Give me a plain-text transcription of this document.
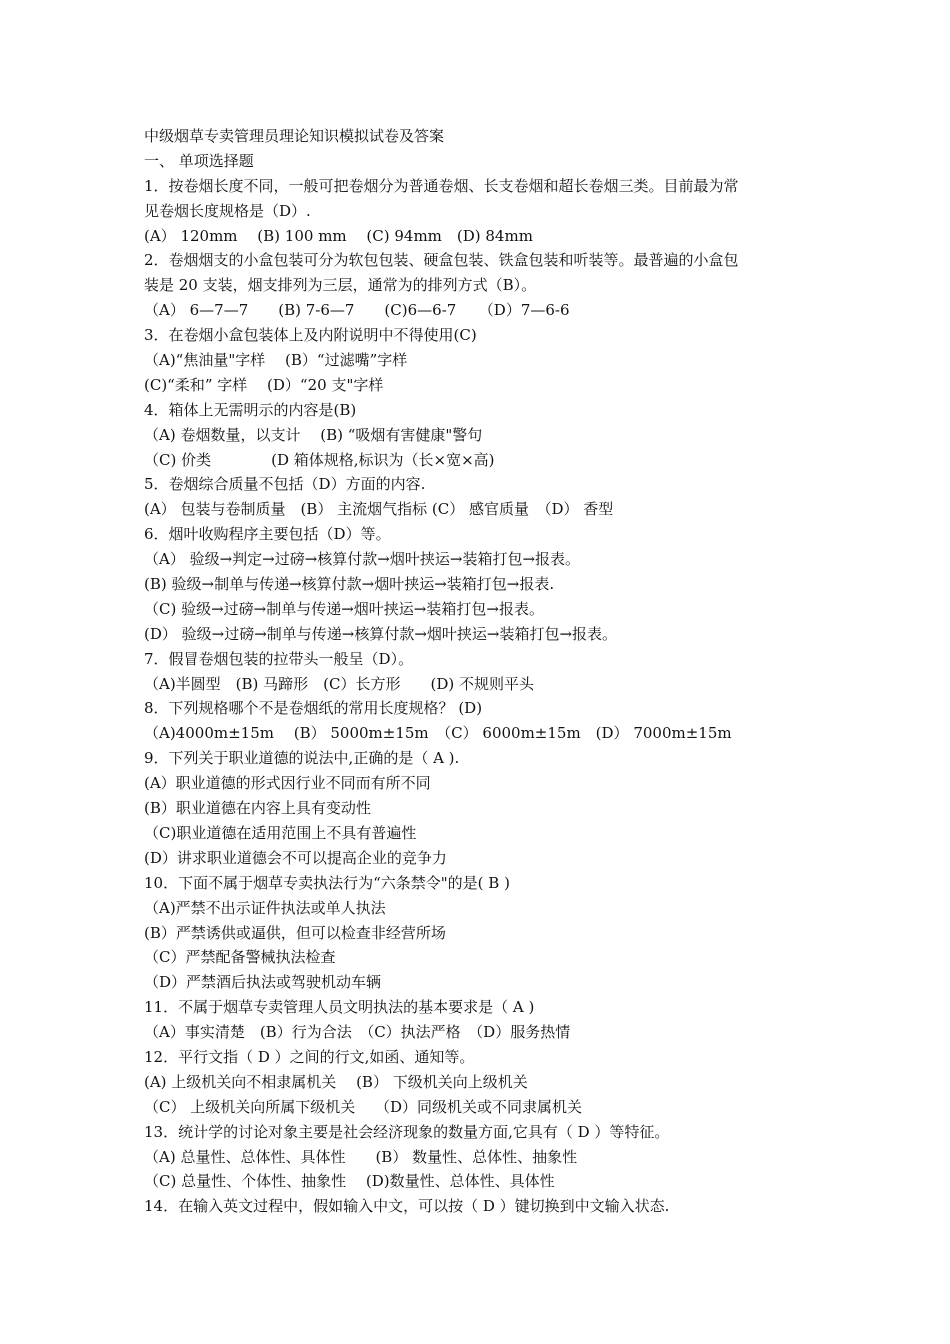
中级烟草专卖管理员理论知识模拟试卷及答案
一、 单项选择题
1．按卷烟长度不同，一般可把卷烟分为普通卷烟、长支卷烟和超长卷烟三类。目前最为常
见卷烟长度规格是（D）.
(A） 120mm　 (B) 100 mm　 (C) 94mm　(D) 84mm
2．卷烟烟支的小盒包装可分为软包包装、硬盒包装、铁盒包装和听装等。最普遍的小盒包
装是 20 支装，烟支排列为三层，通常为的排列方式（B）。
（A） 6—7—7　　(B) 7-6—7　　(C)6—6-7　　（D）7—6-6
3．在卷烟小盒包装体上及内附说明中不得使用(C)
（A)“焦油量"字样　 (B）“过滤嘴”字样
(C)“柔和” 字样　 (D）“20 支"字样
4．箱体上无需明示的内容是(B)
（A) 卷烟数量，以支计　 (B) “吸烟有害健康"警句
（C) 价类　　　　(D 箱体规格,标识为（长×宽×高)
5．卷烟综合质量不包括（D）方面的内容.
(A） 包装与卷制质量　(B） 主流烟气指标 (C） 感官质量　（D） 香型
6．烟叶收购程序主要包括（D）等。
（A） 验级→判定→过磅→核算付款→烟叶挟运→装箱打包→报表。
(B) 验级→制单与传递→核算付款→烟叶挟运→装箱打包→报表.
（C) 验级→过磅→制单与传递→烟叶挟运→装箱打包→报表。
(D） 验级→过磅→制单与传递→核算付款→烟叶挟运→装箱打包→报表。
7．假冒卷烟包装的拉带头一般呈（D）。
（A)半圆型　(B) 马蹄形　(C）长方形　　(D) 不规则平头
8．下列规格哪个不是卷烟纸的常用长度规格？ (D)
（A)4000m±15m　 (B） 5000m±15m　（C） 6000m±15m　(D） 7000m±15m
9．下列关于职业道德的说法中,正确的是（ A ).
(A）职业道德的形式因行业不同而有所不同
(B）职业道德在内容上具有变动性
（C)职业道德在适用范围上不具有普遍性
(D）讲求职业道德会不可以提高企业的竞争力
10．下面不属于烟草专卖执法行为“六条禁令"的是( B )
（A)严禁不出示证件执法或单人执法
(B）严禁诱供或逼供，但可以检查非经营所场
（C）严禁配备警械执法检查
（D）严禁酒后执法或驾驶机动车辆
11．不属于烟草专卖管理人员文明执法的基本要求是（ A )
（A）事实清楚　(B）行为合法　（C）执法严格　（D）服务热情
12．平行文指（ D ）之间的行文,如函、通知等。
(A) 上级机关向不相隶属机关　 (B） 下级机关向上级机关
（C） 上级机关向所属下级机关　 （D）同级机关或不同隶属机关
13．统计学的讨论对象主要是社会经济现象的数量方面,它具有（ D ）等特征。
（A) 总量性、总体性、具体性　　(B） 数量性、总体性、抽象性
（C) 总量性、个体性、抽象性　 (D)数量性、总体性、具体性
14．在输入英文过程中，假如输入中文，可以按（ D ）键切换到中文输入状态.
